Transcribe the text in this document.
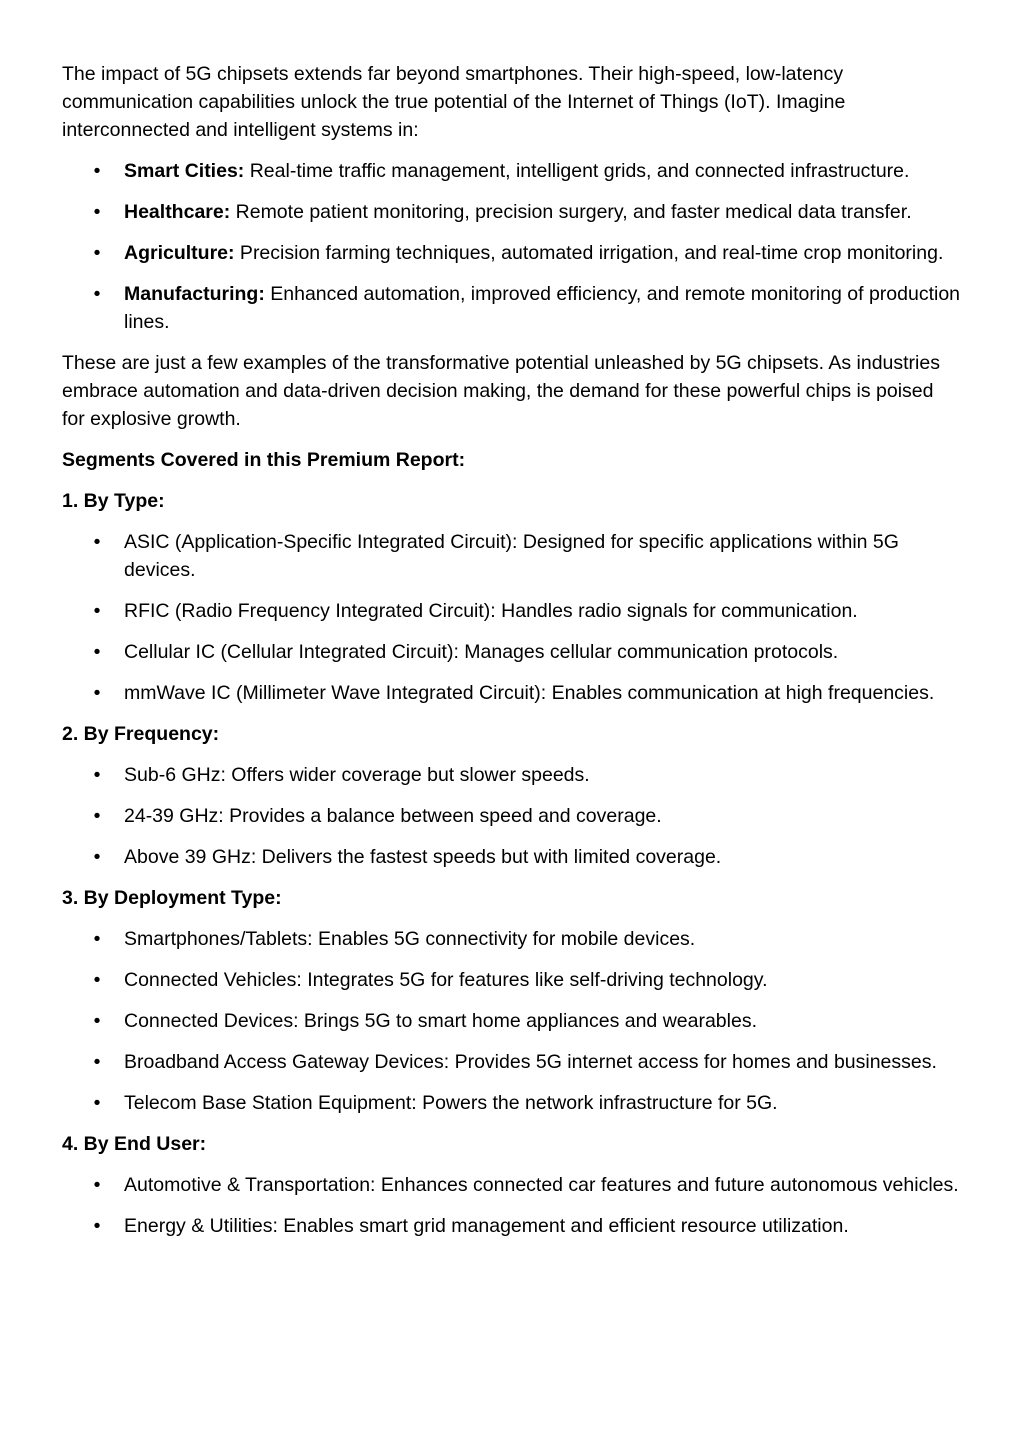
The impact of 5G chipsets extends far beyond smartphones. Their high-speed, low-latency communication capabilities unlock the true potential of the Internet of Things (IoT). Imagine interconnected and intelligent systems in:

• Smart Cities: Real-time traffic management, intelligent grids, and connected infrastructure.
• Healthcare: Remote patient monitoring, precision surgery, and faster medical data transfer.
• Agriculture: Precision farming techniques, automated irrigation, and real-time crop monitoring.
• Manufacturing: Enhanced automation, improved efficiency, and remote monitoring of production lines.

These are just a few examples of the transformative potential unleashed by 5G chipsets. As industries embrace automation and data-driven decision making, the demand for these powerful chips is poised for explosive growth.

Segments Covered in this Premium Report:

1. By Type:

• ASIC (Application-Specific Integrated Circuit): Designed for specific applications within 5G devices.
• RFIC (Radio Frequency Integrated Circuit): Handles radio signals for communication.
• Cellular IC (Cellular Integrated Circuit): Manages cellular communication protocols.
• mmWave IC (Millimeter Wave Integrated Circuit): Enables communication at high frequencies.

2. By Frequency:

• Sub-6 GHz: Offers wider coverage but slower speeds.
• 24-39 GHz: Provides a balance between speed and coverage.
• Above 39 GHz: Delivers the fastest speeds but with limited coverage.

3. By Deployment Type:

• Smartphones/Tablets: Enables 5G connectivity for mobile devices.
• Connected Vehicles: Integrates 5G for features like self-driving technology.
• Connected Devices: Brings 5G to smart home appliances and wearables.
• Broadband Access Gateway Devices: Provides 5G internet access for homes and businesses.
• Telecom Base Station Equipment: Powers the network infrastructure for 5G.

4. By End User:

• Automotive & Transportation: Enhances connected car features and future autonomous vehicles.
• Energy & Utilities: Enables smart grid management and efficient resource utilization.
